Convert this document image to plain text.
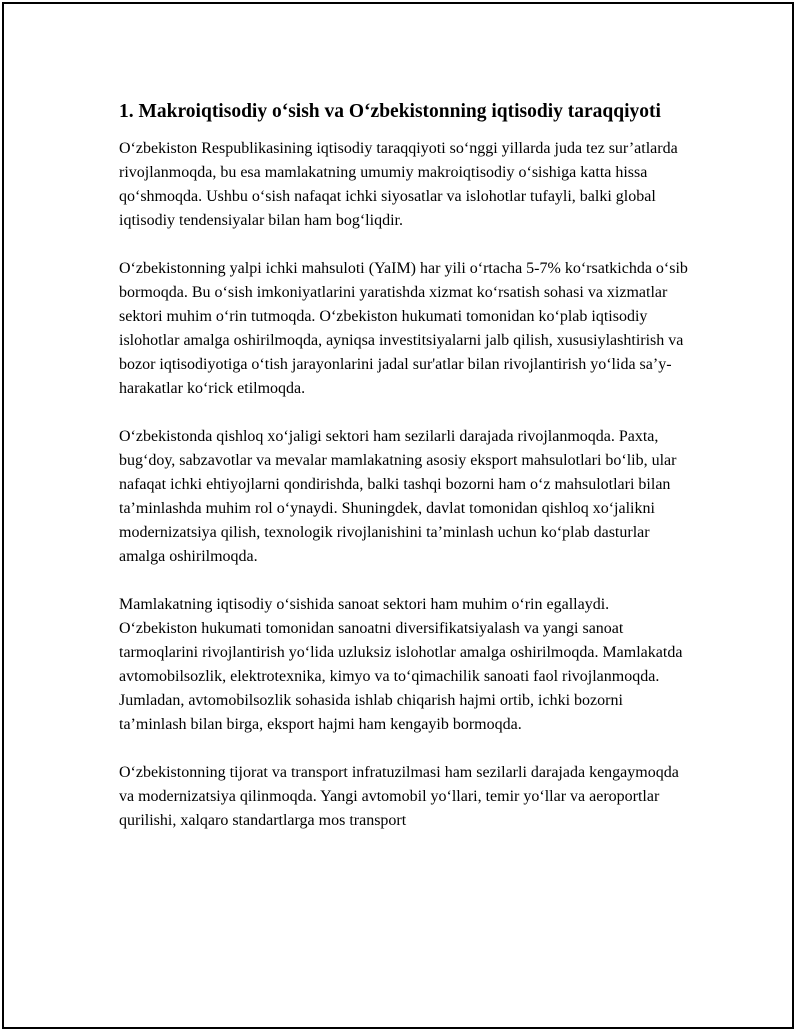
1. Makroiqtisodiy o‘sish va O‘zbekistonning iqtisodiy taraqqiyoti

O‘zbekiston Respublikasining iqtisodiy taraqqiyoti so‘nggi yillarda juda tez sur’atlarda rivojlanmoqda, bu esa mamlakatning umumiy makroiqtisodiy o‘sishiga katta hissa qo‘shmoqda. Ushbu o‘sish nafaqat ichki siyosatlar va islohotlar tufayli, balki global iqtisodiy tendensiyalar bilan ham bog‘liqdir.

O‘zbekistonning yalpi ichki mahsuloti (YaIM) har yili o‘rtacha 5-7% ko‘rsatkichda o‘sib bormoqda. Bu o‘sish imkoniyatlarini yaratishda xizmat ko‘rsatish sohasi va xizmatlar sektori muhim o‘rin tutmoqda. O‘zbekiston hukumati tomonidan ko‘plab iqtisodiy islohotlar amalga oshirilmoqda, ayniqsa investitsiyalarni jalb qilish, xususiylashtirish va bozor iqtisodiyotiga o‘tish jarayonlarini jadal sur'atlar bilan rivojlantirish yo‘lida sa’y-harakatlar ko‘rick etilmoqda.

O‘zbekistonda qishloq xo‘jaligi sektori ham sezilarli darajada rivojlanmoqda. Paxta, bug‘doy, sabzavotlar va mevalar mamlakatning asosiy eksport mahsulotlari bo‘lib, ular nafaqat ichki ehtiyojlarni qondirishda, balki tashqi bozorni ham o‘z mahsulotlari bilan ta’minlashda muhim rol o‘ynaydi. Shuningdek, davlat tomonidan qishloq xo‘jalikni modernizatsiya qilish, texnologik rivojlanishini ta’minlash uchun ko‘plab dasturlar amalga oshirilmoqda.

Mamlakatning iqtisodiy o‘sishida sanoat sektori ham muhim o‘rin egallaydi. O‘zbekiston hukumati tomonidan sanoatni diversifikatsiyalash va yangi sanoat tarmoqlarini rivojlantirish yo‘lida uzluksiz islohotlar amalga oshirilmoqda. Mamlakatda avtomobilsozlik, elektrotexnika, kimyo va to‘qimachilik sanoati faol rivojlanmoqda. Jumladan, avtomobilsozlik sohasida ishlab chiqarish hajmi ortib, ichki bozorni ta’minlash bilan birga, eksport hajmi ham kengayib bormoqda.

O‘zbekistonning tijorat va transport infratuzilmasi ham sezilarli darajada kengaymoqda va modernizatsiya qilinmoqda. Yangi avtomobil yo‘llari, temir yo‘llar va aeroportlar qurilishi, xalqaro standartlarga mos transport
